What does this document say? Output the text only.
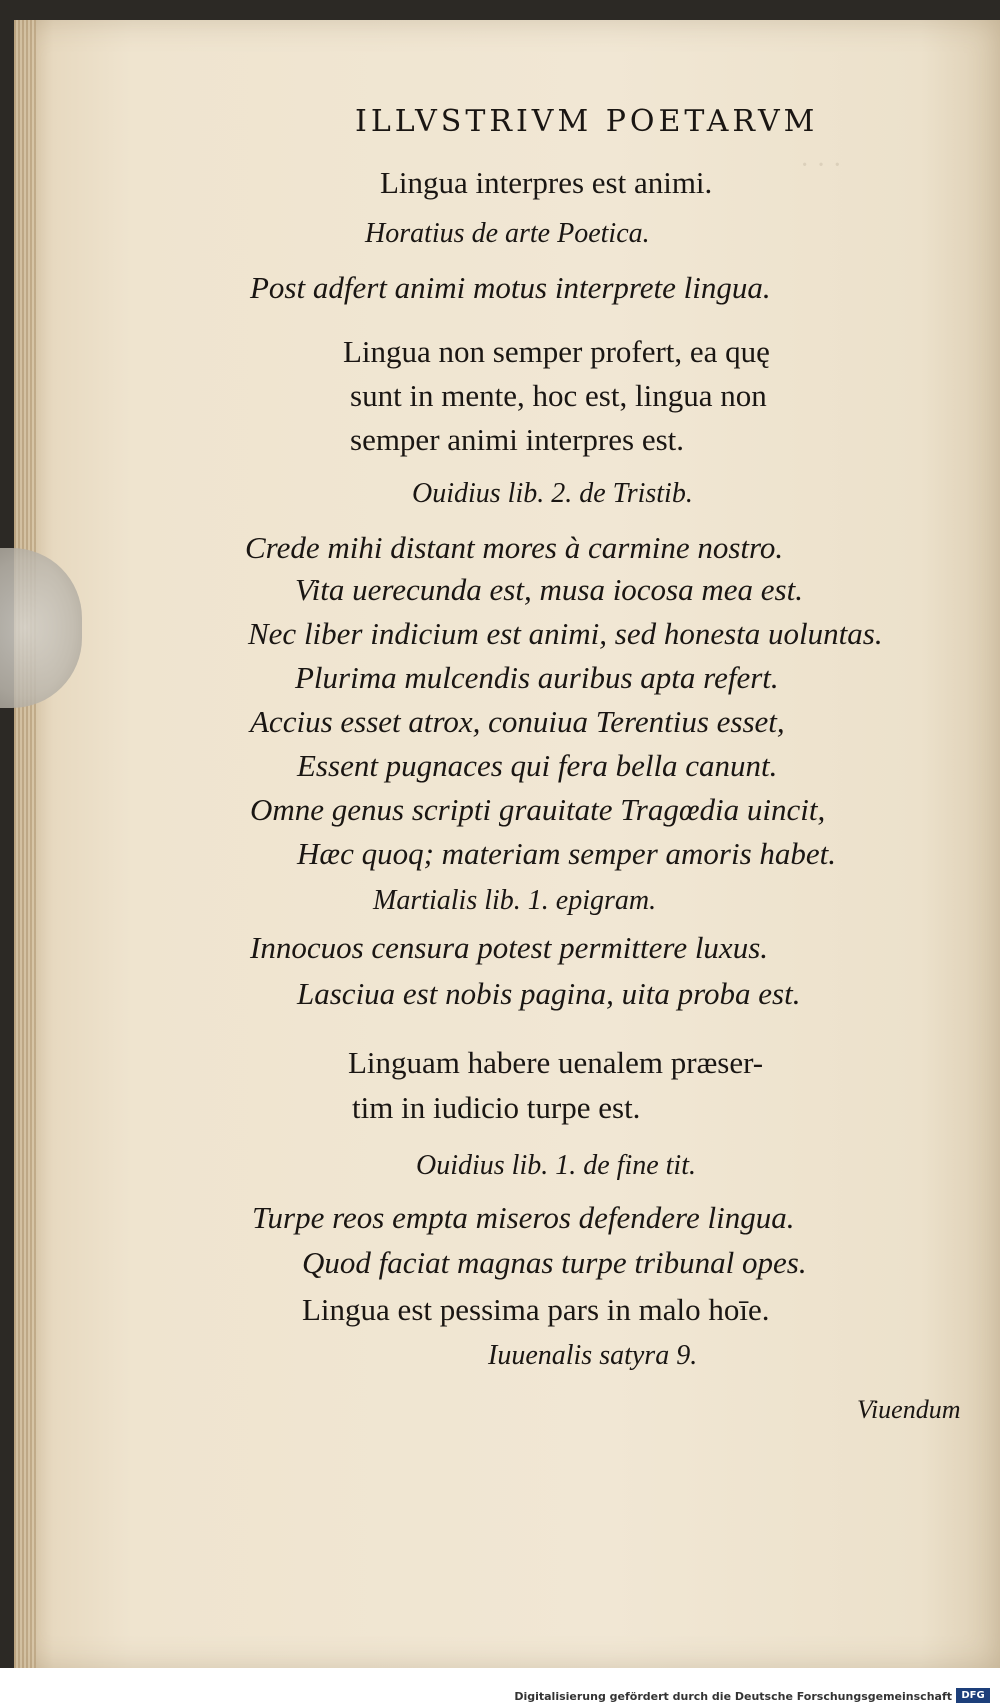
· · ·
ILLVSTRIVM POETARVM
Lingua interpres est animi.
Horatius de arte Poetica.
Post adfert animi motus interprete lingua.
Lingua non semper profert, ea quę
sunt in mente, hoc est, lingua non
semper animi interpres est.
Ouidius lib. 2. de Tristib.
Crede mihi distant mores à carmine nostro.
Vita uerecunda est, musa iocosa mea est.
Nec liber indicium est animi, sed honesta uoluntas.
Plurima mulcendis auribus apta refert.
Accius esset atrox, conuiua Terentius esset,
Essent pugnaces qui fera bella canunt.
Omne genus scripti grauitate Tragœdia uincit,
Hæc quoq; materiam semper amoris habet.
Martialis lib. 1. epigram.
Innocuos censura potest permittere luxus.
Lasciua est nobis pagina, uita proba est.
Linguam habere uenalem præser-
tim in iudicio turpe est.
Ouidius lib. 1. de fine tit.
Turpe reos empta miseros defendere lingua.
Quod faciat magnas turpe tribunal opes.
Lingua est pessima pars in malo hoīe.
Iuuenalis satyra 9.
Viuendum
Digitalisierung gefördert durch die Deutsche Forschungsgemeinschaft DFG
